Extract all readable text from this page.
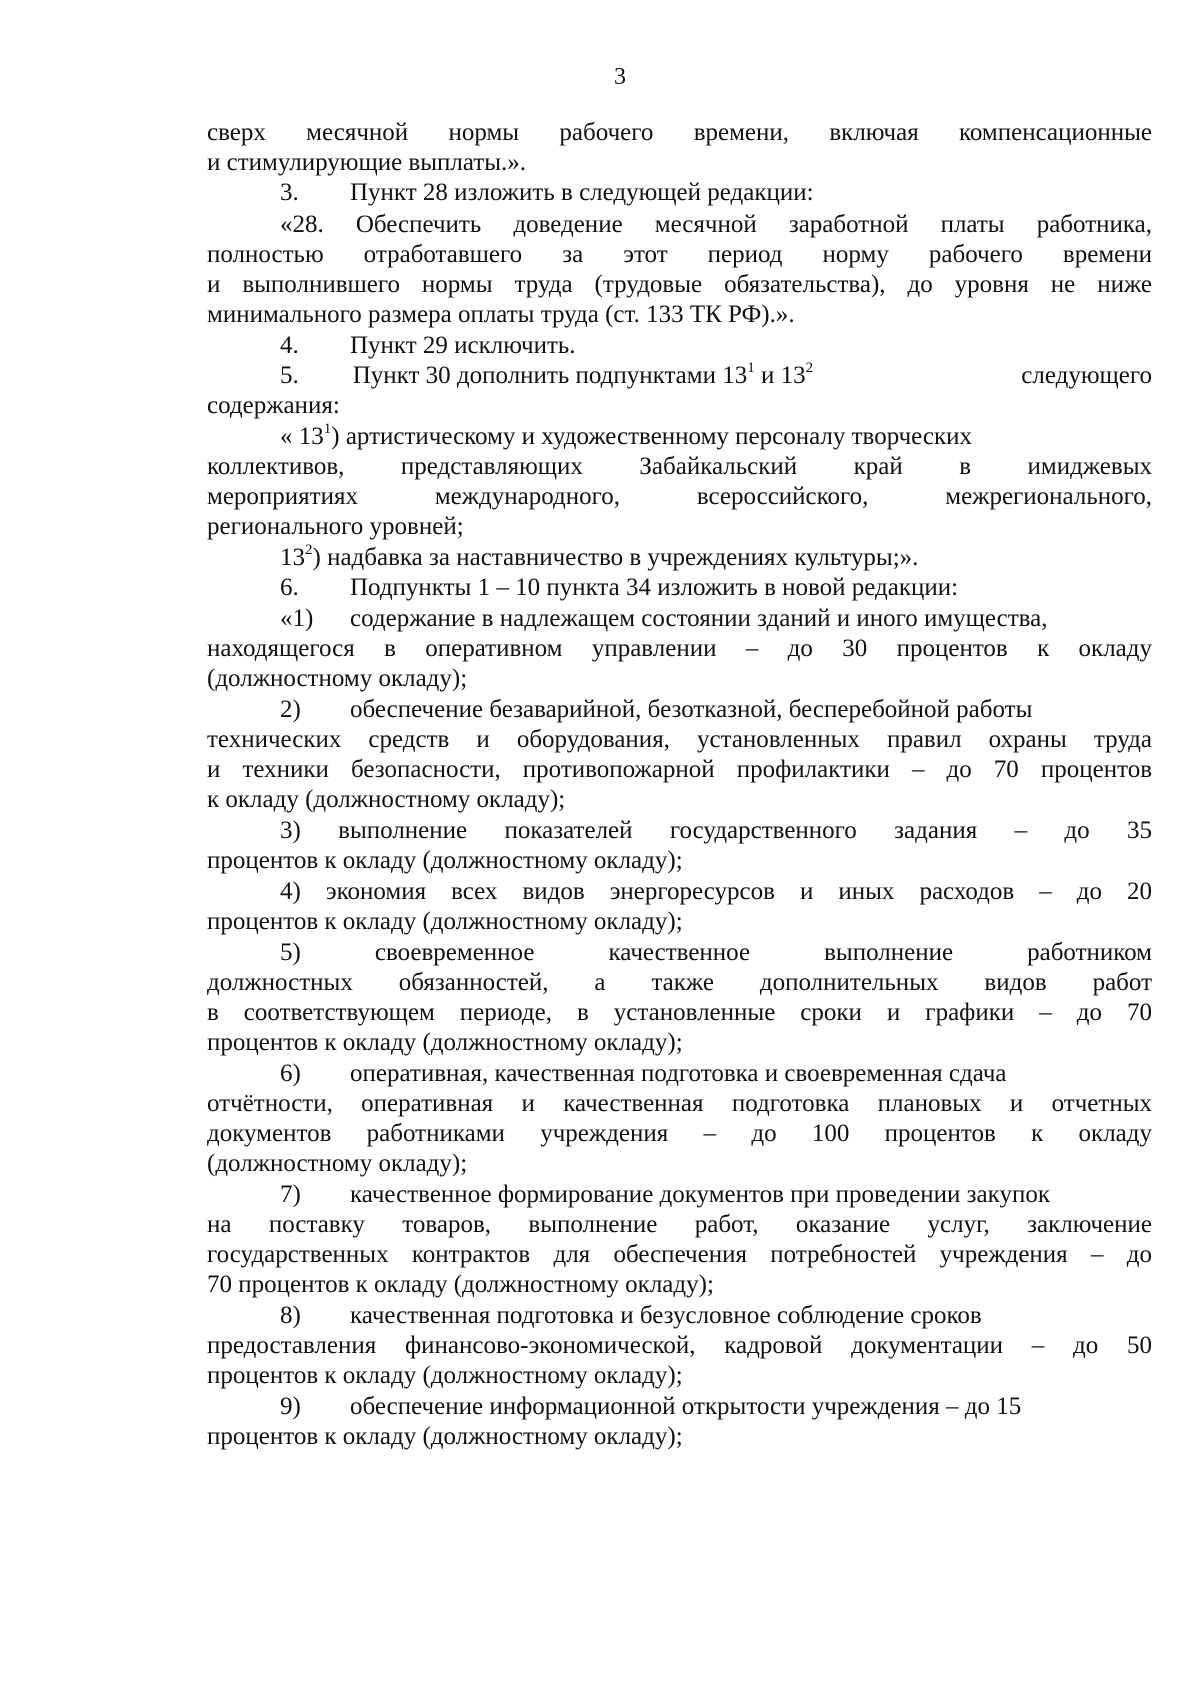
3
сверх месячной нормы рабочего времени, включая компенсационные
и стимулирующие выплаты.».
3. Пункт 28 изложить в следующей редакции:
«28. Обеспечить доведение месячной заработной платы работника,
полностью отработавшего за этот период норму рабочего времени
и выполнившего нормы труда (трудовые обязательства), до уровня не ниже
минимального размера оплаты труда (ст. 133 ТК РФ).».
4. Пункт 29 исключить.
5. Пункт 30 дополнить подпунктами $13^1$ и $13^2$	следующего
содержания:
« $13^1$) артистическому и художественному персоналу творческих
коллективов, представляющих Забайкальский край в имиджевых
мероприятиях международного, всероссийского, межрегионального,
регионального уровней;
$13^2$) надбавка за наставничество в учреждениях культуры;».
6. Подпункты 1 – 10 пункта 34 изложить в новой редакции:
«1) содержание в надлежащем состоянии зданий и иного имущества,
находящегося в оперативном управлении – до 30 процентов к окладу
(должностному окладу);
2) обеспечение безаварийной, безотказной, бесперебойной работы
технических средств и оборудования, установленных правил охраны труда
и техники безопасности, противопожарной профилактики – до 70 процентов
к окладу (должностному окладу);
3) выполнение показателей государственного задания – до 35
процентов к окладу (должностному окладу);
4) экономия всех видов энергоресурсов и иных расходов – до 20
процентов к окладу (должностному окладу);
5) своевременное качественное выполнение работником
должностных обязанностей, а также дополнительных видов работ
в соответствующем периоде, в установленные сроки и графики – до 70
процентов к окладу (должностному окладу);
6) оперативная, качественная подготовка и своевременная сдача
отчётности, оперативная и качественная подготовка плановых и отчетных
документов работниками учреждения – до 100 процентов к окладу
(должностному окладу);
7) качественное формирование документов при проведении закупок
на поставку товаров, выполнение работ, оказание услуг, заключение
государственных контрактов для обеспечения потребностей учреждения – до
70 процентов к окладу (должностному окладу);
8) качественная подготовка и безусловное соблюдение сроков
предоставления финансово-экономической, кадровой документации – до 50
процентов к окладу (должностному окладу);
9) обеспечение информационной открытости учреждения – до 15
процентов к окладу (должностному окладу);
